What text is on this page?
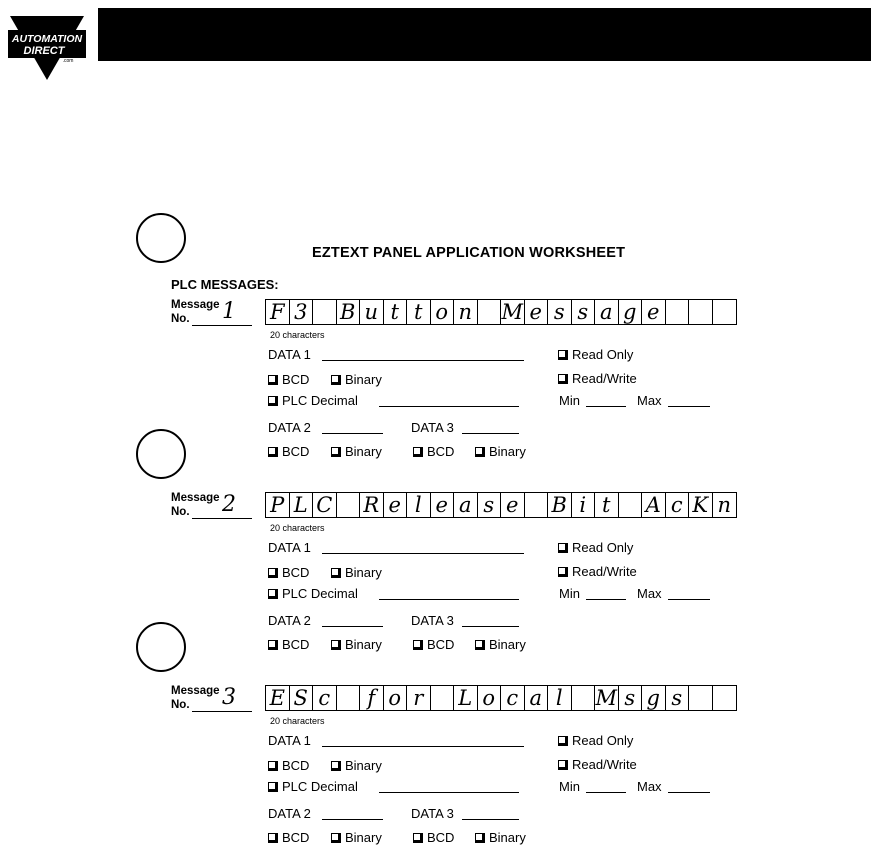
AUTOMATION
DIRECT
.com
EZTEXT PANEL APPLICATION WORKSHEET
PLC MESSAGES:
Message
No. 1 F 3 B u t t o n M e s s a g e
20 characters
DATA 1	Read Only
BCD	Binary	Read/Write
PLC Decimal	Min	Max
DATA 2	DATA 3
BCD	Binary	BCD	Binary
Message
No. 2 P L C R e l e a s e B i t	A c K n
20 characters
DATA 1	Read Only
BCD	Binary	Read/Write
PLC Decimal	Min	Max
DATA 2	DATA 3
BCD	Binary	BCD	Binary
Message
No. 3 E S c	f o r	L o c a l	M s g s
20 characters
DATA 1	Read Only
BCD	Binary	Read/Write
PLC Decimal	Min	Max
DATA 2	DATA 3
BCD	Binary	BCD	Binary
